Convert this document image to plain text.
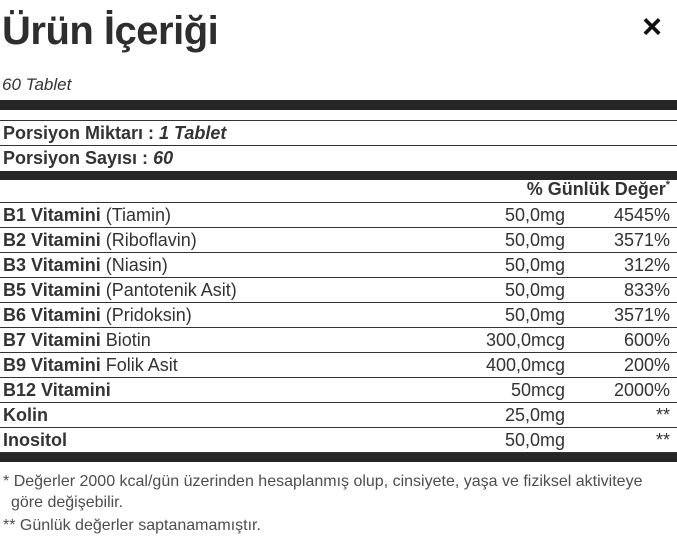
Ürün İçeriği	×
60 Tablet
Porsiyon Miktarı : 1 Tablet
Porsiyon Sayısı : 60
% Günlük Değer*
B1 Vitamini (Tiamin)	50,0mg	4545%
B2 Vitamini (Riboflavin)	50,0mg	3571%
B3 Vitamini (Niasin)	50,0mg	312%
B5 Vitamini (Pantotenik Asit)	50,0mg	833%
B6 Vitamini (Pridoksin)	50,0mg	3571%
B7 Vitamini Biotin	300,0mcg	600%
B9 Vitamini Folik Asit	400,0mcg	200%
B12 Vitamini	50mcg	2000%
Kolin	25,0mg	**
Inositol	50,0mg	**

* Değerler 2000 kcal/gün üzerinden hesaplanmış olup, cinsiyete, yaşa ve fiziksel aktiviteye göre değişebilir.

** Günlük değerler saptanamamıştır.
